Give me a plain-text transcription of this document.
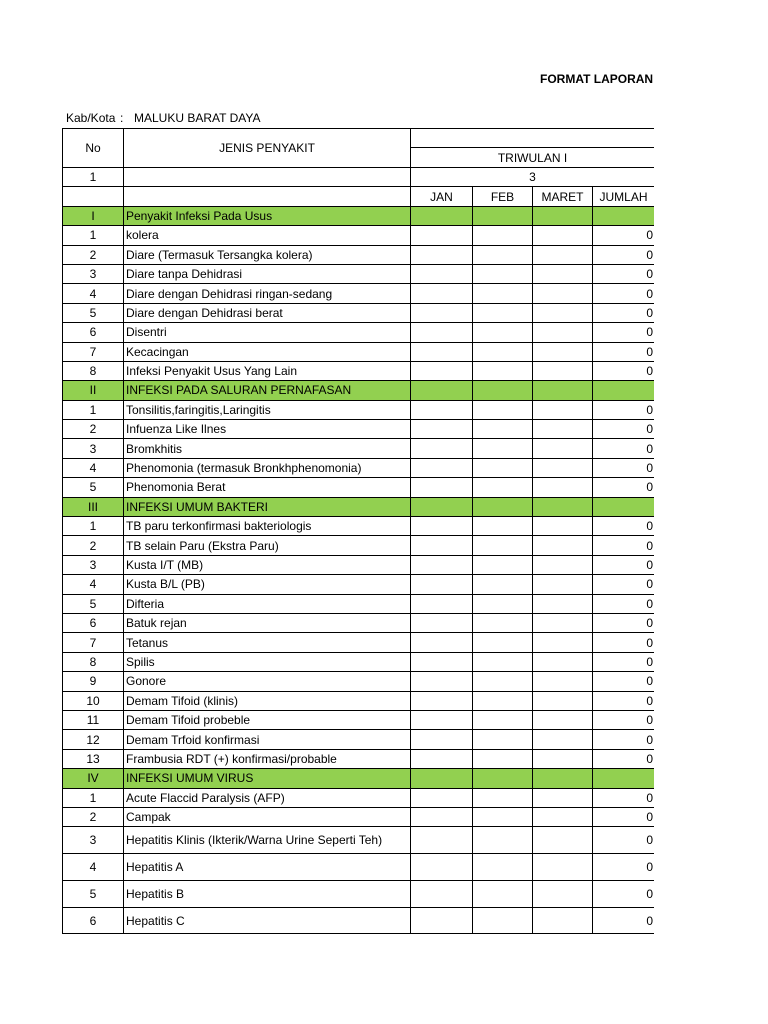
FORMAT LAPORAN
Kab/Kota : MALUKU BARAT DAYA
No	JENIS PENYAKIT				
		TRIWULAN I			
1		3			
		JAN	FEB	MARET	JUMLAH
I	Penyakit Infeksi Pada Usus				
1	kolera				0
2	Diare (Termasuk Tersangka kolera)				0
3	Diare tanpa Dehidrasi				0
4	Diare dengan Dehidrasi ringan-sedang				0
5	Diare dengan Dehidrasi berat				0
6	Disentri				0
7	Kecacingan				0
8	Infeksi Penyakit Usus Yang Lain				0
II	INFEKSI PADA SALURAN PERNAFASAN				
1	Tonsilitis,faringitis,Laringitis				0
2	Infuenza Like Ilnes				0
3	Bromkhitis				0
4	Phenomonia (termasuk Bronkhphenomonia)				0
5	Phenomonia Berat				0
III	INFEKSI UMUM BAKTERI				
1	TB paru terkonfirmasi bakteriologis				0
2	TB selain Paru (Ekstra Paru)				0
3	Kusta I/T (MB)				0
4	Kusta B/L (PB)				0
5	Difteria				0
6	Batuk rejan				0
7	Tetanus				0
8	Spilis				0
9	Gonore				0
10	Demam Tifoid (klinis)				0
11	Demam Tifoid probeble				0
12	Demam Trfoid konfirmasi				0
13	Frambusia RDT (+) konfirmasi/probable				0
IV	INFEKSI UMUM VIRUS				
1	Acute Flaccid Paralysis (AFP)				0
2	Campak				0
3	Hepatitis Klinis (Ikterik/Warna Urine Seperti Teh)				0
4	Hepatitis A				0
5	Hepatitis B				0
6	Hepatitis C				0
